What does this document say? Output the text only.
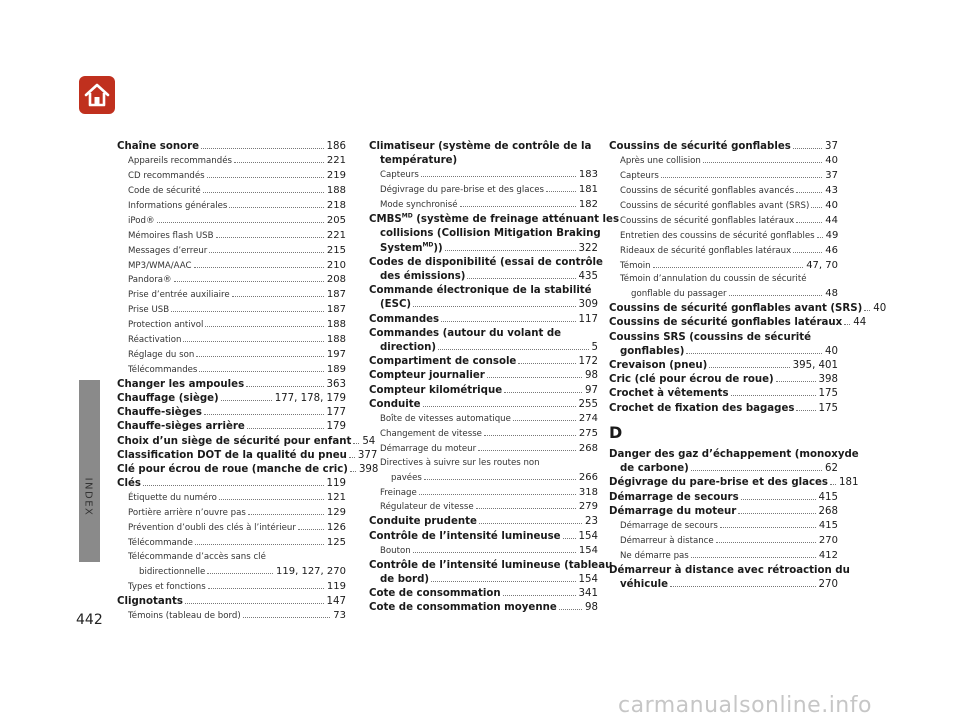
INDEX
442
carmanualsonline.info
Chaîne sonore	186
Appareils recommandés	221
CD recommandés	219
Code de sécurité	188
Informations générales	218
iPod®	205
Mémoires flash USB	221
Messages d’erreur	215
MP3/WMA/AAC	210
Pandora®	208
Prise d’entrée auxiliaire	187
Prise USB	187
Protection antivol	188
Réactivation	188
Réglage du son	197
Télécommandes	189
Changer les ampoules	363
Chauffage (siège)	177, 178, 179
Chauffe-sièges	177
Chauffe-sièges arrière	179
Choix d’un siège de sécurité pour enfant 54
Classification DOT de la qualité du pneu 377
Clé pour écrou de roue (manche de cric) 398
Clés	119
Étiquette du numéro	121
Portière arrière n’ouvre pas	129
Prévention d’oubli des clés à l’intérieur	126
Télécommande	125
Télécommande d’accès sans clé
bidirectionnelle	119, 127, 270
Types et fonctions	119
Clignotants	147
Témoins (tableau de bord)	73
Climatiseur (système de contrôle de la
température)
Capteurs	183
Dégivrage du pare-brise et des glaces	181
Mode synchronisé	182
$CMBS^{MD}$ (système de freinage atténuant les
collisions (Collision Mitigation Braking
System$^{MD}$))	322
Codes de disponibilité (essai de contrôle
des émissions)	435
Commande électronique de la stabilité
(ESC)	309
Commandes	117
Commandes (autour du volant de
direction)	5
Compartiment de console	172
Compteur journalier	98
Compteur kilométrique	97
Conduite	255
Boîte de vitesses automatique	274
Changement de vitesse	275
Démarrage du moteur	268
Directives à suivre sur les routes non
pavées	266
Freinage	318
Régulateur de vitesse	279
Conduite prudente	23
Contrôle de l’intensité lumineuse 154
Bouton	154
Contrôle de l’intensité lumineuse (tableau
de bord)	154
Cote de consommation	341
Cote de consommation moyenne	98
Coussins de sécurité gonflables	37
Après une collision	40
Capteurs	37
Coussins de sécurité gonflables avancés	43
Coussins de sécurité gonflables avant (SRS) 40
Coussins de sécurité gonflables latéraux	44
Entretien des coussins de sécurité gonflables 49
Rideaux de sécurité gonflables latéraux	46
Témoin	47, 70
Témoin d’annulation du coussin de sécurité
gonflable du passager	48
Coussins de sécurité gonflables avant (SRS) 40
Coussins de sécurité gonflables latéraux 44
Coussins SRS (coussins de sécurité
gonflables)	40
Crevaison (pneu)	395, 401
Cric (clé pour écrou de roue)	398
Crochet à vêtements	175
Crochet de fixation des bagages 175
D
Danger des gaz d’échappement (monoxyde
de carbone)	62
Dégivrage du pare-brise et des glaces 181
Démarrage de secours	415
Démarrage du moteur	268
Démarrage de secours	415
Démarreur à distance	270
Ne démarre pas	412
Démarreur à distance avec rétroaction du
véhicule	270
